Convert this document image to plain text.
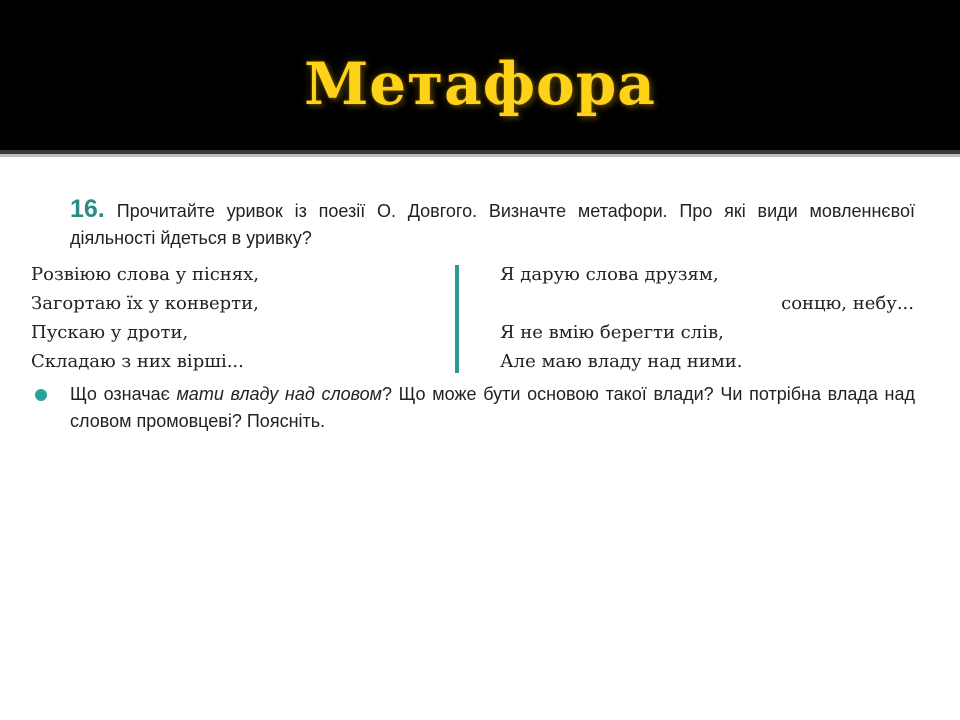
Метафора
16. Прочитайте уривок із поезії О. Довгого. Визначте метафори. Про які види мовленнєвої діяльності йдеться в уривку?
Розвіюю слова у піснях,
Загортаю їх у конверти,
Пускаю у дроти,
Складаю з них вірші...
Я дарую слова друзям,
сонцю, небу...
Я не вмію берегти слів,
Але маю владу над ними.
Що означає мати владу над словом? Що може бути основою такої влади? Чи потрібна влада над словом промовцеві? Поясніть.
